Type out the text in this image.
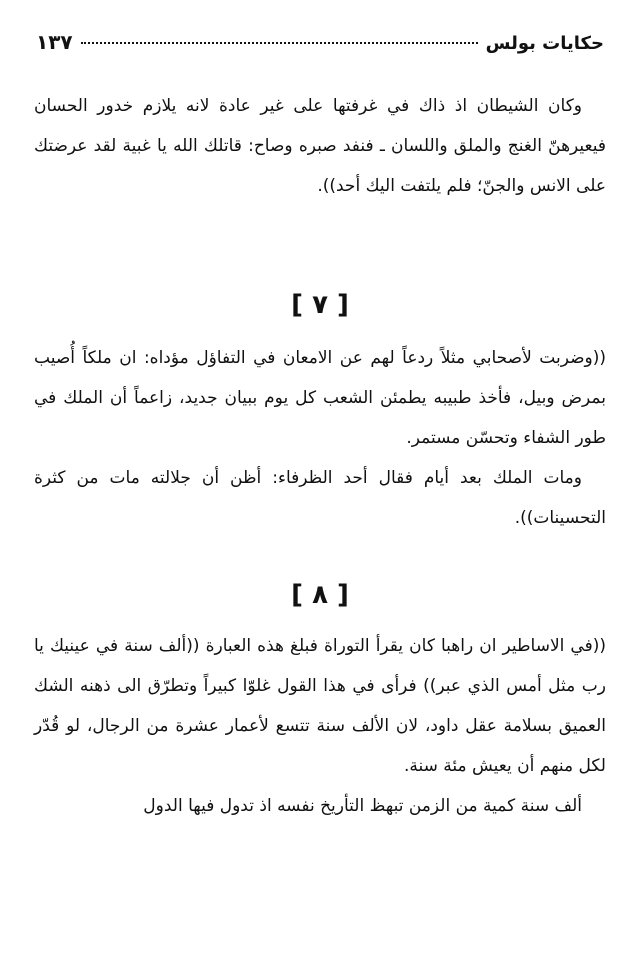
حكايات بولس
١٣٧

وكان الشيطان اذ ذاك في غرفتها على غير عادة لانه يلازم خدور الحسان فيعيرهنّ الغنج والملق واللسان ـ فنفد صبره وصاح: قاتلك الله يا غبية لقد عرضتك على الانس والجنّ؛ فلم يلتفت اليك أحد)).

[ ٧ ]

((وضربت لأصحابي مثلاً ردعاً لهم عن الامعان في التفاؤل مؤداه: ان ملكاً أُصيب بمرض وبيل، فأخذ طبيبه يطمئن الشعب كل يوم ببيان جديد، زاعماً أن الملك في طور الشفاء وتحسّن مستمر.

ومات الملك بعد أيام فقال أحد الظرفاء: أظن أن جلالته مات من كثرة التحسينات)).

[ ٨ ]

((في الاساطير ان راهبا كان يقرأ التوراة فبلغ هذه العبارة ((ألف سنة في عينيك يا رب مثل أمس الذي عبر)) فرأى في هذا القول غلوّا كبيراً وتطرّق الى ذهنه الشك العميق بسلامة عقل داود، لان الألف سنة تتسع لأعمار عشرة من الرجال، لو قُدّر لكل منهم أن يعيش مئة سنة.

ألف سنة كمية من الزمن تبهظ التأريخ نفسه اذ تدول فيها الدول
